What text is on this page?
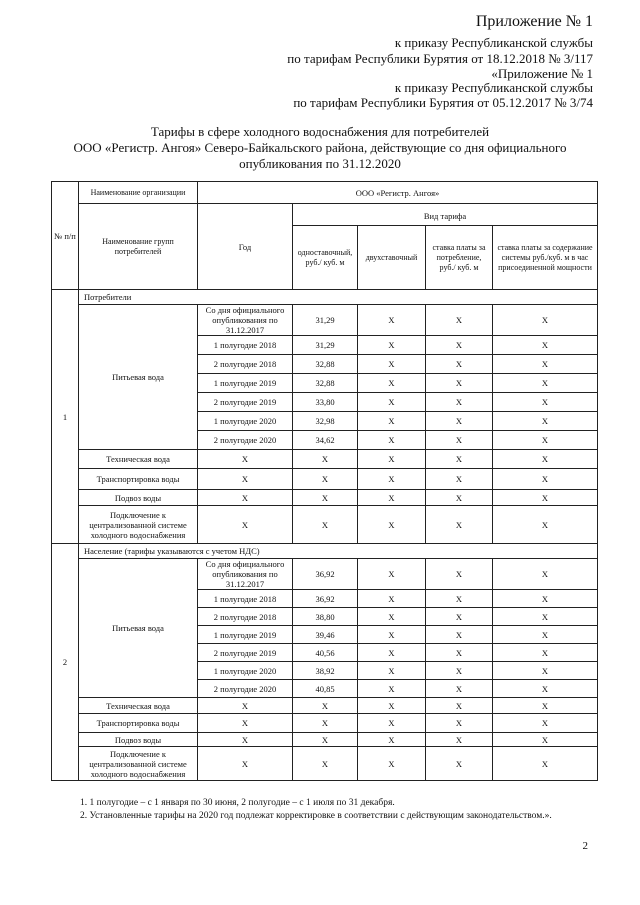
Приложение № 1
к приказу Республиканской службы
по тарифам Республики Бурятия от 18.12.2018 № 3/117
«Приложение № 1
к приказу Республиканской службы
по тарифам Республики Бурятия от 05.12.2017 № 3/74
Тарифы в сфере холодного водоснабжения для потребителей
ООО «Регистр. Ангоя» Северо-Байкальского района, действующие со дня официального
опубликования по 31.12.2020
№ п/п	Наименование организации	ООО «Регистр. Ангоя»				
	Наименование групп потребителей	Год				
			Вид тарифа			
			одноставочный, руб./ куб. м	двухставочный	ставка платы за потребление, руб./ куб. м	ставка платы за содержание системы руб./куб. м в час присоединенной мощности
1	Потребители					
	Питьевая вода	Со дня официального опубликования по 31.12.2017	31,29	X	X	X
		1 полугодие 2018	31,29	X	X	X
		2 полугодие 2018	32,88	X	X	X
		1 полугодие 2019	32,88	X	X	X
		2 полугодие 2019	33,80	X	X	X
		1 полугодие 2020	32,98	X	X	X
		2 полугодие 2020	34,62	X	X	X
	Техническая вода	X	X	X	X	X
	Транспортировка воды	X	X	X	X	X
	Подвоз воды	X	X	X	X	X
	Подключение к централизованной системе холодного водоснабжения	X	X	X	X	X
2	Население (тарифы указываются с учетом НДС)					
	Питьевая вода	Со дня официального опубликования по 31.12.2017	36,92	X	X	X
		1 полугодие 2018	36,92	X	X	X
		2 полугодие 2018	38,80	X	X	X
		1 полугодие 2019	39,46	X	X	X
		2 полугодие 2019	40,56	X	X	X
		1 полугодие 2020	38,92	X	X	X
		2 полугодие 2020	40,85	X	X	X
	Техническая вода	X	X	X	X	X
	Транспортировка воды	X	X	X	X	X
	Подвоз воды	X	X	X	X	X
	Подключение к централизованной системе холодного водоснабжения	X	X	X	X	X
1. 1 полугодие – с 1 января по 30 июня, 2 полугодие – с 1 июля по 31 декабря.
2. Установленные тарифы на 2020 год подлежат корректировке в соответствии с действующим законодательством.».
2
